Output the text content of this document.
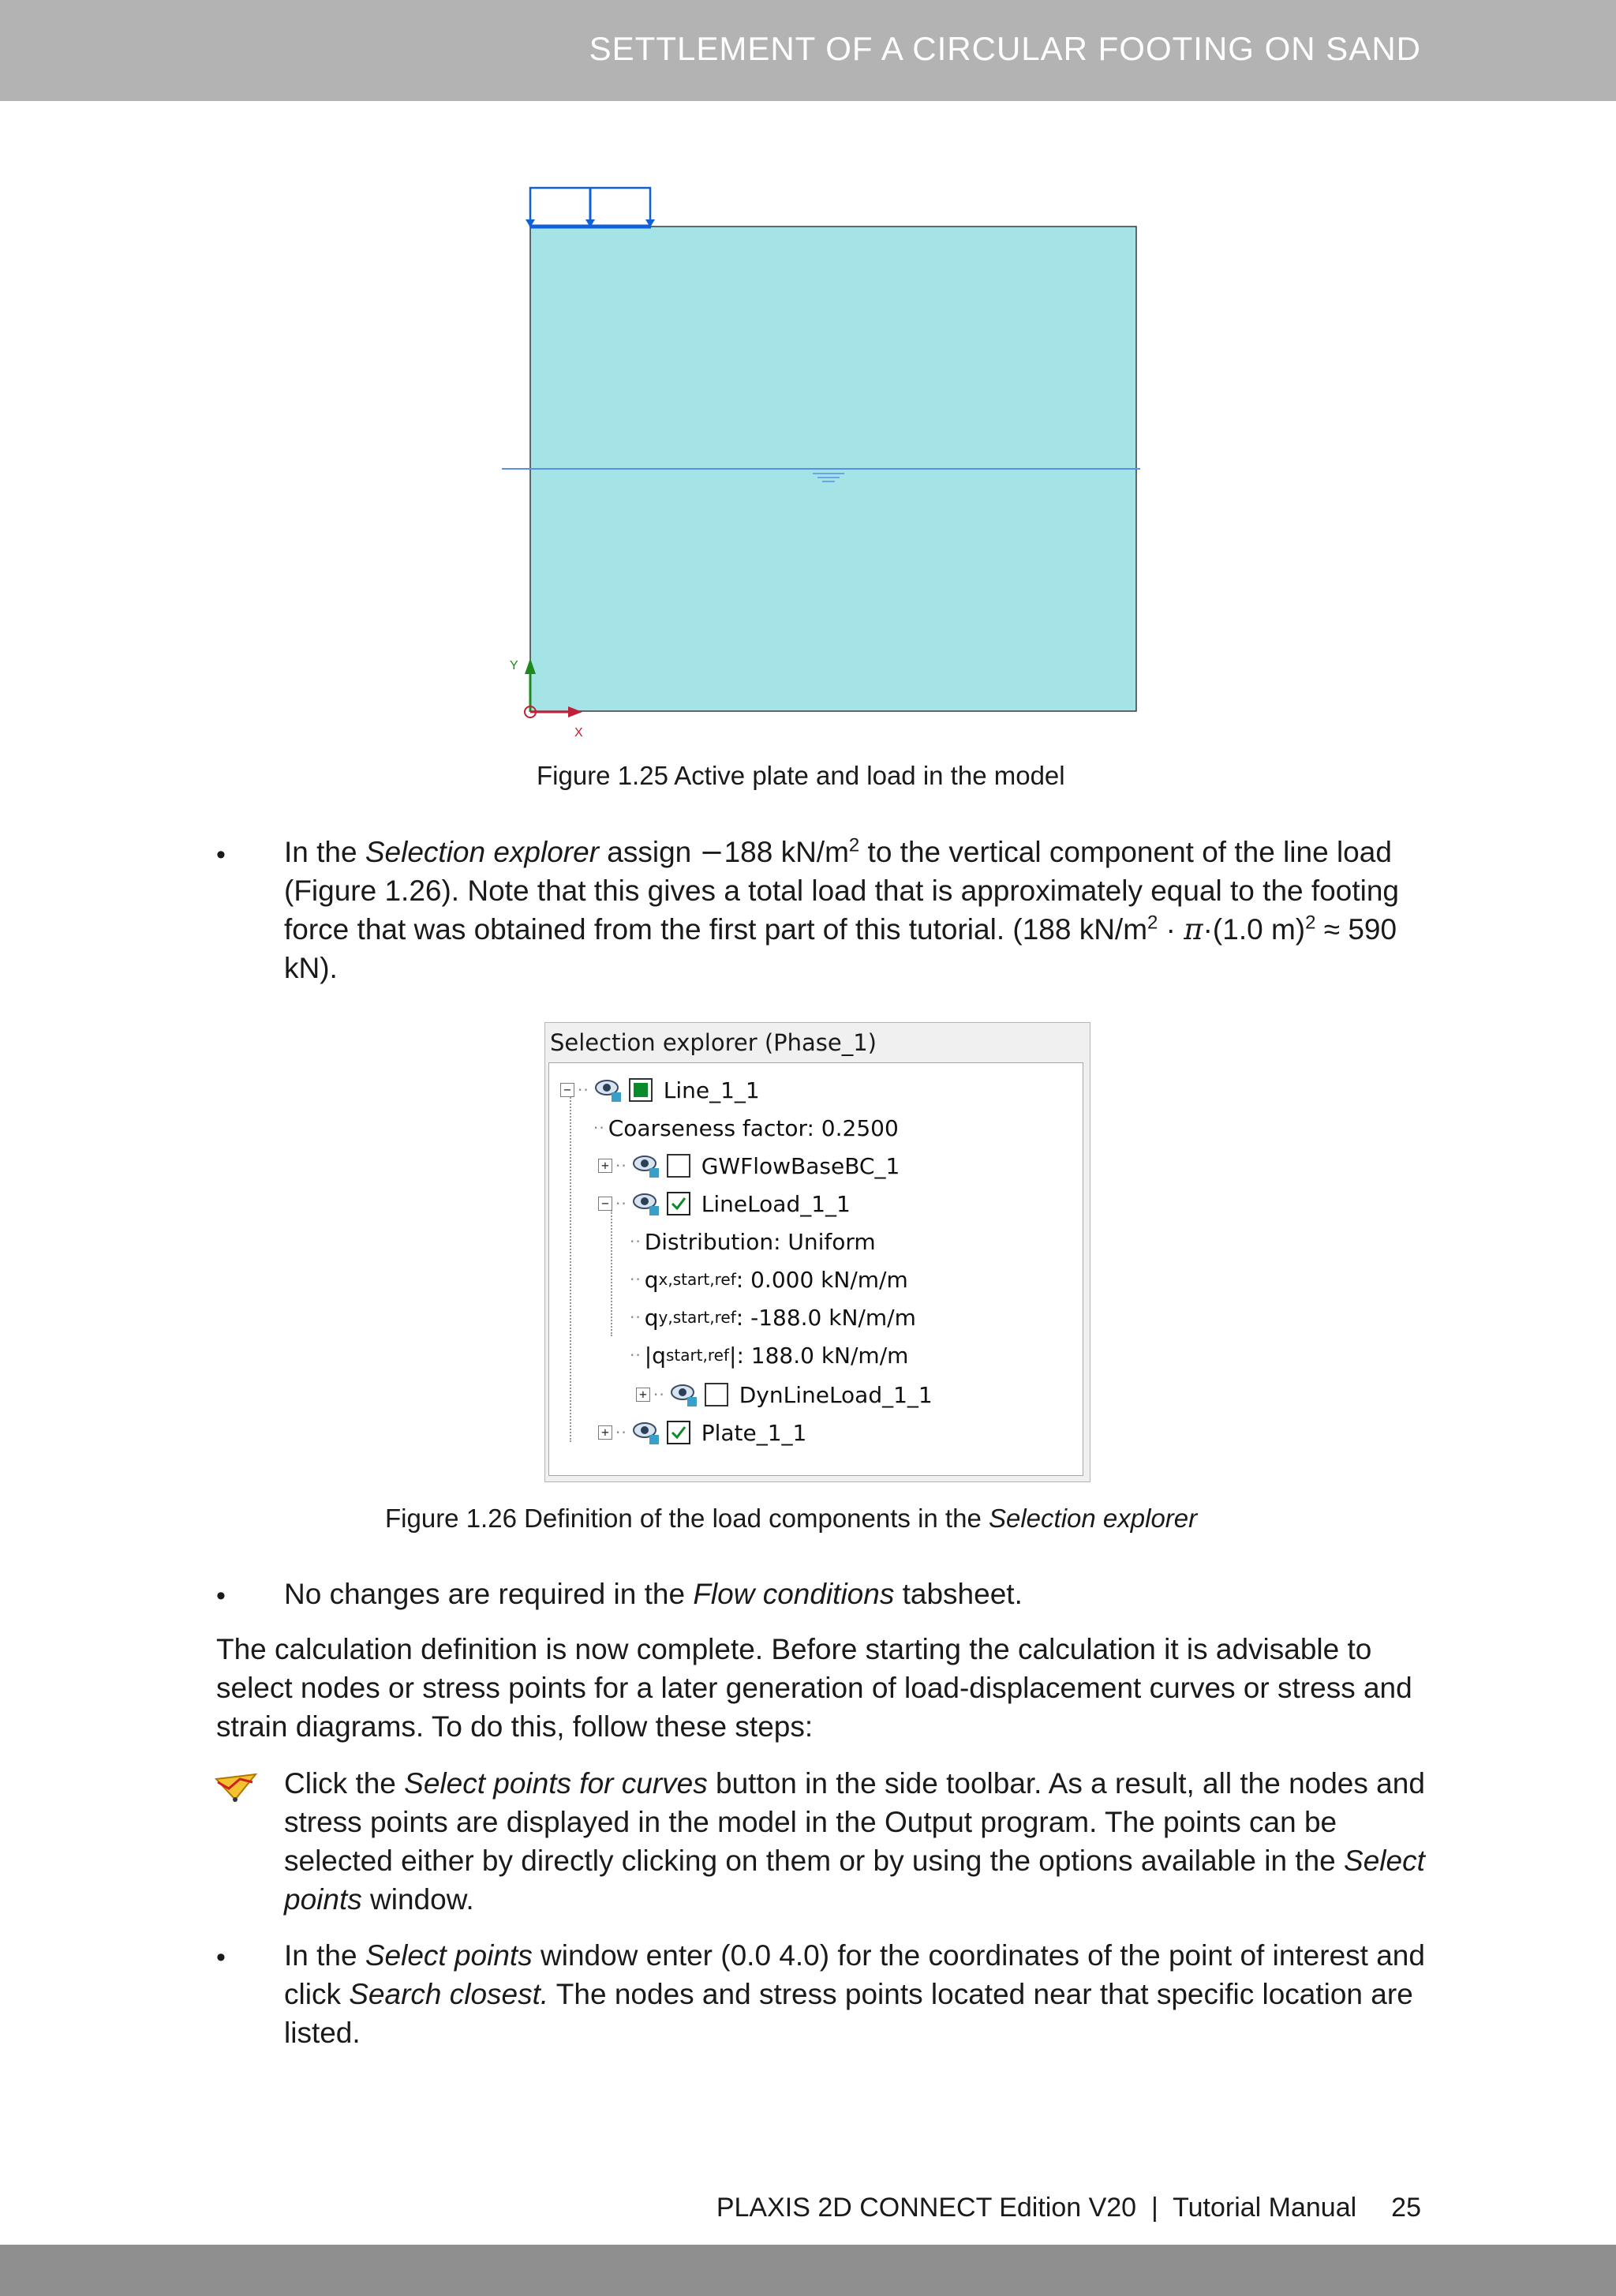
SETTLEMENT OF A CIRCULAR FOOTING ON SAND
Y
X
Figure 1.25 Active plate and load in the model
• In the Selection explorer assign −188 $kN/m^2$ to the vertical component of the line load (Figure 1.26). Note that this gives a total load that is approximately equal to the footing force that was obtained from the first part of this tutorial. (188 $kN/m^2 \cdot \pi\cdot(1.0$ m)$^2$ ≈ 590 kN).
Selection explorer (Phase_1)
− ··	Line_1_1
·· Coarseness factor: 0.2500
+ ··	GWFlowBaseBC_1
− ··	LineLoad_1_1
·· Distribution: Uniform
·· q x,start,ref : 0.000 kN/m/m
·· q y,start,ref : -188.0 kN/m/m
·· |q start,ref |: 188.0 kN/m/m
+ ··	DynLineLoad_1_1
+ ··	Plate_1_1
Figure 1.26 Definition of the load components in the Selection explorer
• No changes are required in the Flow conditions tabsheet.
The calculation definition is now complete. Before starting the calculation it is advisable to select nodes or stress points for a later generation of load-displacement curves or stress and strain diagrams. To do this, follow these steps:
Click the Select points for curves button in the side toolbar. As a result, all the nodes and stress points are displayed in the model in the Output program. The points can be selected either by directly clicking on them or by using the options available in the Select points window.
• In the Select points window enter (0.0 4.0) for the coordinates of the point of interest and click Search closest. The nodes and stress points located near that specific location are listed.
PLAXIS 2D CONNECT Edition V20  |  Tutorial Manual 25
